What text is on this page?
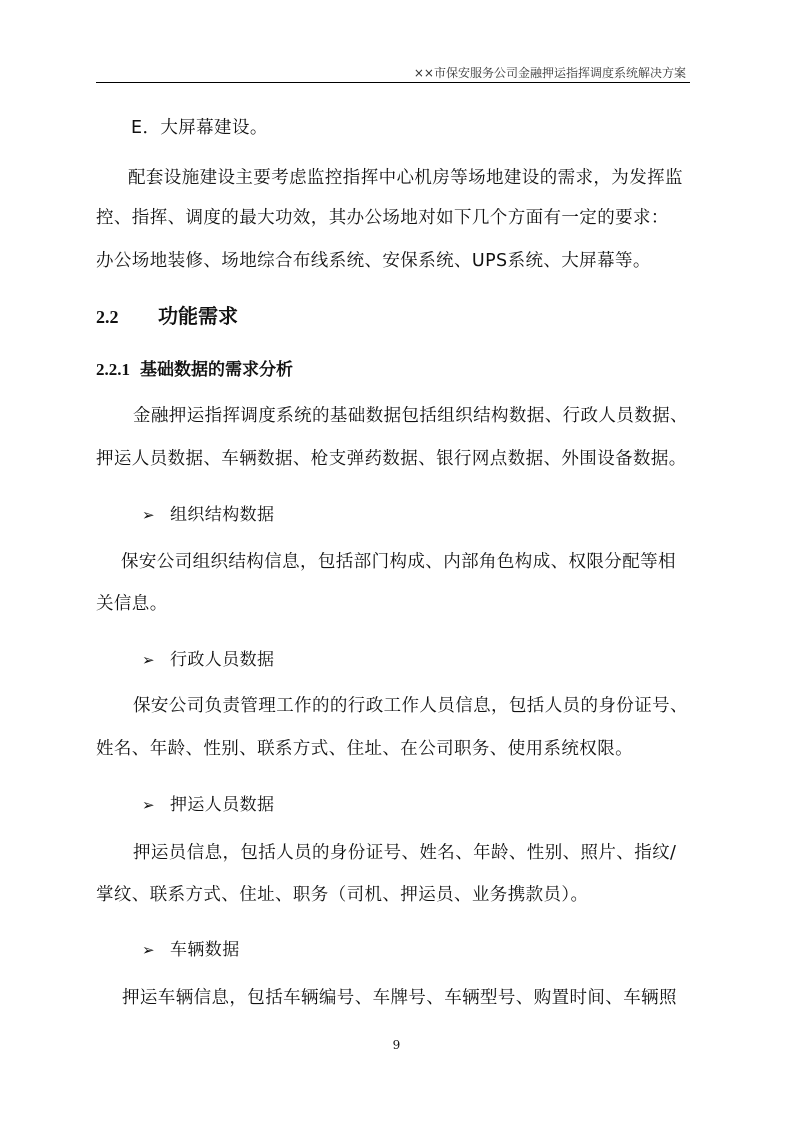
××市保安服务公司金融押运指挥调度系统解决方案
E．大屏幕建设。
配套设施建设主要考虑监控指挥中心机房等场地建设的需求，为发挥监
控、指挥、调度的最大功效，其办公场地对如下几个方面有一定的要求：
办公场地装修、场地综合布线系统、安保系统、UPS系统、大屏幕等。
2.2 功能需求
2.2.1 基础数据的需求分析
金融押运指挥调度系统的基础数据包括组织结构数据、行政人员数据、
押运人员数据、车辆数据、枪支弹药数据、银行网点数据、外围设备数据。
➢ 组织结构数据
保安公司组织结构信息，包括部门构成、内部角色构成、权限分配等相
关信息。
➢ 行政人员数据
保安公司负责管理工作的的行政工作人员信息，包括人员的身份证号、
姓名、年龄、性别、联系方式、住址、在公司职务、使用系统权限。
➢ 押运人员数据
押运员信息，包括人员的身份证号、姓名、年龄、性别、照片、指纹/
掌纹、联系方式、住址、职务（司机、押运员、业务携款员）。
➢ 车辆数据
押运车辆信息，包括车辆编号、车牌号、车辆型号、购置时间、车辆照
9
